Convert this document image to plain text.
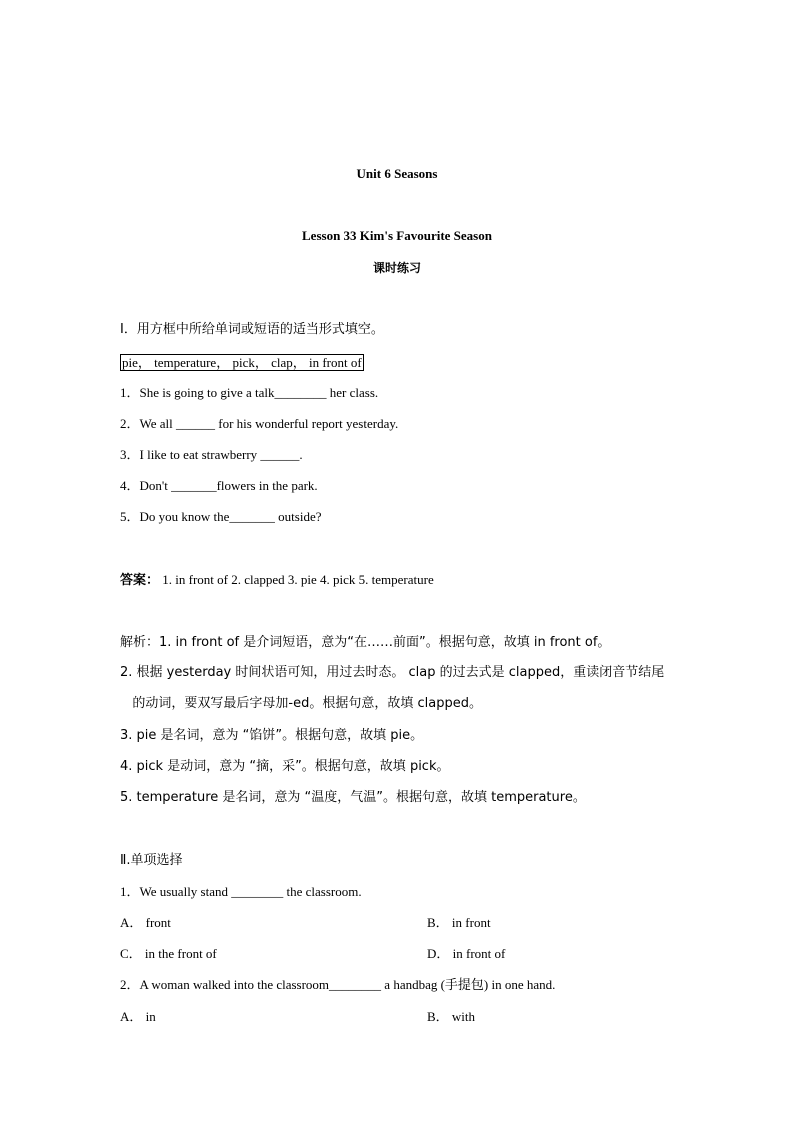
Unit 6 Seasons
Lesson 33 Kim's Favourite Season
课时练习
Ⅰ．用方框中所给单词或短语的适当形式填空。
pie， temperature， pick， clap， in front of
1．She is going to give a talk________ her class.
2．We all ______ for his wonderful report yesterday.
3．I like to eat strawberry ______.
4．Don't _______flowers in the park.
5．Do you know the_______ outside?
答案： 1. in front of 2. clapped 3. pie 4. pick 5. temperature
解析：1. in front of 是介词短语，意为“在……前面”。根据句意，故填 in front of。
2. 根据 yesterday 时间状语可知，用过去时态。 clap 的过去式是 clapped，重读闭音节结尾
的动词，要双写最后字母加-ed。根据句意，故填 clapped。
3. pie 是名词，意为 “馅饼”。根据句意，故填 pie。
4. pick 是动词，意为 “摘，采”。根据句意，故填 pick。
5. temperature 是名词，意为 “温度，气温”。根据句意，故填 temperature。
Ⅱ.单项选择
1．We usually stand ________ the classroom.
A． front	B． in front
C． in the front of	D． in front of
2．A woman walked into the classroom________ a handbag (手提包) in one hand.
A． in	B． with
